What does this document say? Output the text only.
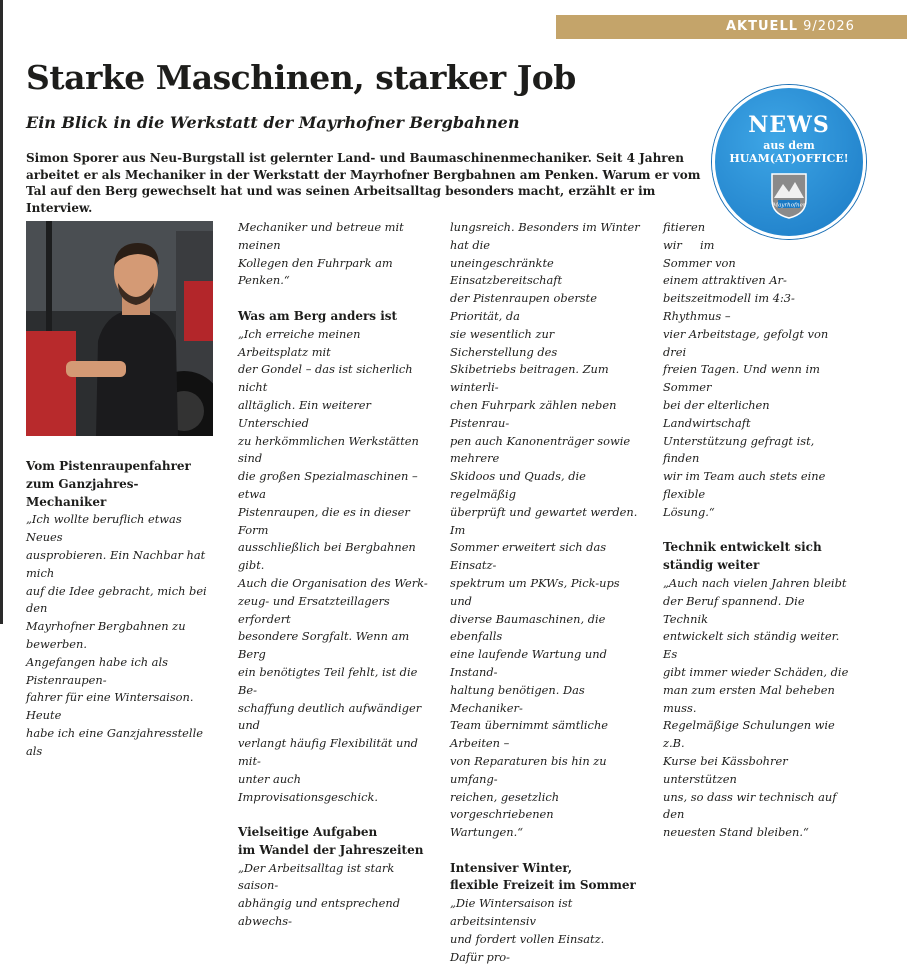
AKTUELL 9/2026
Starke Maschinen, starker Job
Ein Blick in die Werkstatt der Mayrhofner Bergbahnen

Simon Sporer aus Neu-Burgstall ist gelernter Land- und Baumaschinenmechaniker. Seit 4 Jahren arbeitet er als Mechaniker in der Werkstatt der Mayrhofner Bergbahnen am Penken. Warum er vom Tal auf den Berg gewechselt hat und was seinen Arbeitsalltag besonders macht, erzählt er im Interview.

NEWS
aus dem
HUAM(AT)OFFICE!
Mayrhofner
Vom Pistenraupenfahrer
zum Ganzjahres-Mechaniker

„Ich wollte beruflich etwas Neues

ausprobieren. Ein Nachbar hat mich

auf die Idee gebracht, mich bei den

Mayrhofner Bergbahnen zu bewerben.

Angefangen habe ich als Pistenraupen-

fahrer für eine Wintersaison. Heute

habe ich eine Ganzjahresstelle als

Mechaniker und betreue mit meinen

Kollegen den Fuhrpark am Penken.“

Was am Berg anders ist

„Ich erreiche meinen Arbeitsplatz mit

der Gondel – das ist sicherlich nicht

alltäglich. Ein weiterer Unterschied

zu herkömmlichen Werkstätten sind

die großen Spezialmaschinen – etwa

Pistenraupen, die es in dieser Form

ausschließlich bei Bergbahnen gibt.

Auch die Organisation des Werk-

zeug- und Ersatzteillagers erfordert

besondere Sorgfalt. Wenn am Berg

ein benötigtes Teil fehlt, ist die Be-

schaffung deutlich aufwändiger und

verlangt häufig Flexibilität und mit-

unter auch Improvisationsgeschick.

Vielseitige Aufgaben
im Wandel der Jahreszeiten

„Der Arbeitsalltag ist stark saison-

abhängig und entsprechend abwechs-

lungsreich. Besonders im Winter hat die

uneingeschränkte Einsatzbereitschaft

der Pistenraupen oberste Priorität, da

sie wesentlich zur Sicherstellung des

Skibetriebs beitragen. Zum winterli-

chen Fuhrpark zählen neben Pistenrau-

pen auch Kanonenträger sowie mehrere

Skidoos und Quads, die regelmäßig

überprüft und gewartet werden. Im

Sommer erweitert sich das Einsatz-

spektrum um PKWs, Pick-ups und

diverse Baumaschinen, die ebenfalls

eine laufende Wartung und Instand-

haltung benötigen. Das Mechaniker-

Team übernimmt sämtliche Arbeiten –

von Reparaturen bis hin zu umfang-

reichen, gesetzlich vorgeschriebenen

Wartungen.“

Intensiver Winter,
flexible Freizeit im Sommer

„Die Wintersaison ist arbeitsintensiv

und fordert vollen Einsatz. Dafür pro-

fitieren

wir     im

Sommer von

einem attraktiven Ar-

beitszeitmodell im 4:3-Rhythmus –

vier Arbeitstage, gefolgt von drei

freien Tagen. Und wenn im Sommer

bei der elterlichen Landwirtschaft

Unterstützung gefragt ist, finden

wir im Team auch stets eine flexible

Lösung.“

Technik entwickelt sich
ständig weiter

„Auch nach vielen Jahren bleibt

der Beruf spannend. Die Technik

entwickelt sich ständig weiter. Es

gibt immer wieder Schäden, die

man zum ersten Mal beheben muss.

Regelmäßige Schulungen wie z.B.

Kurse bei Kässbohrer unterstützen

uns, so dass wir technisch auf den

neuesten Stand bleiben.“
